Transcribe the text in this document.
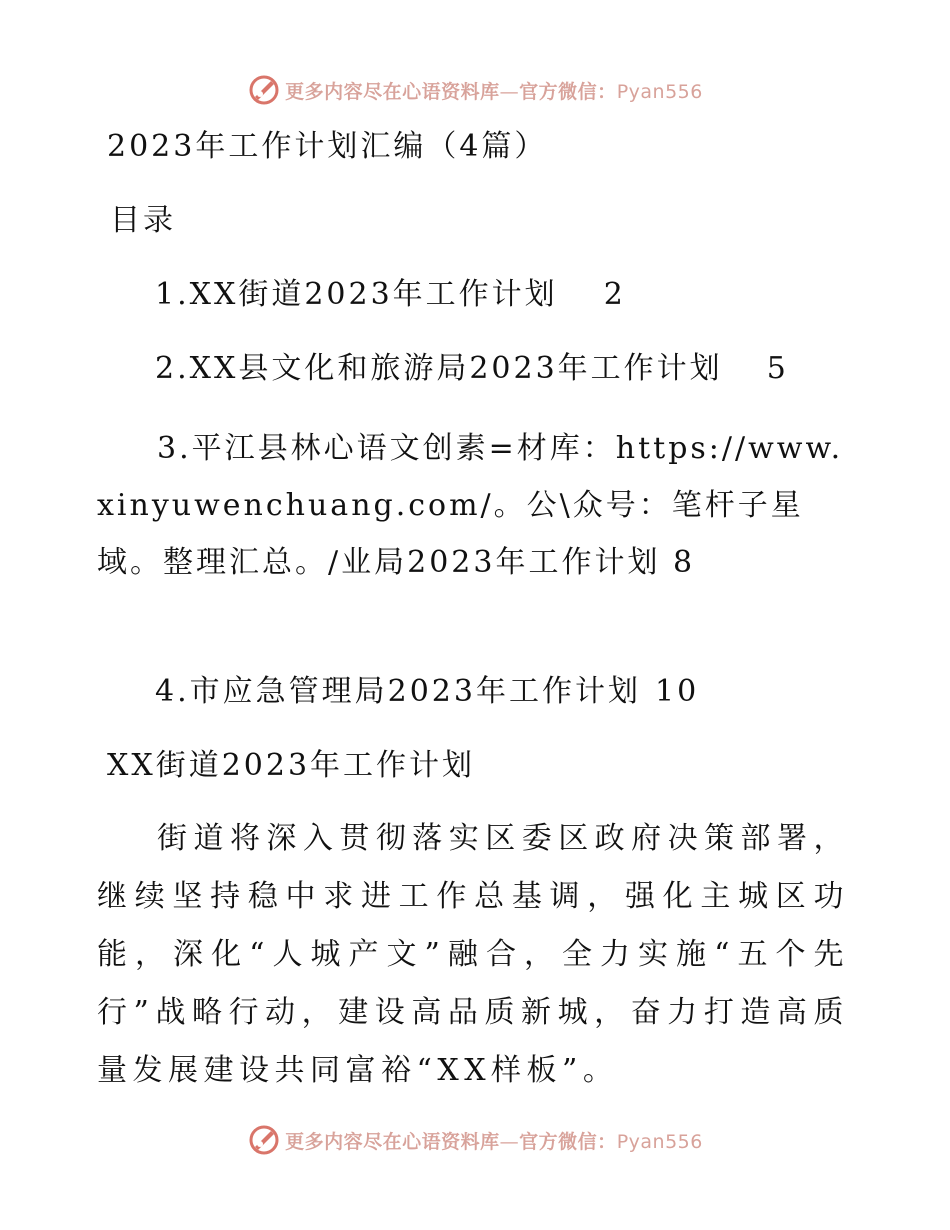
更多内容尽在心语资料库—官方微信：Pyan556

2023年工作计划汇编（4篇）

目录

1.XX街道2023年工作计划 2

2.XX县文化和旅游局2023年工作计划 5

3.平江县林心语文创素=材库：https://www.xinyuwenchuang.com/。公\众号：笔杆子星域。整理汇总。/业局2023年工作计划 8

4.市应急管理局2023年工作计划 10

XX街道2023年工作计划

街道将深入贯彻落实区委区政府决策部署，继续坚持稳中求进工作总基调，强化主城区功能，深化“人城产文”融合，全力实施“五个先行”战略行动，建设高品质新城，奋力打造高质量发展建设共同富裕“XX样板”。

更多内容尽在心语资料库—官方微信：Pyan556
